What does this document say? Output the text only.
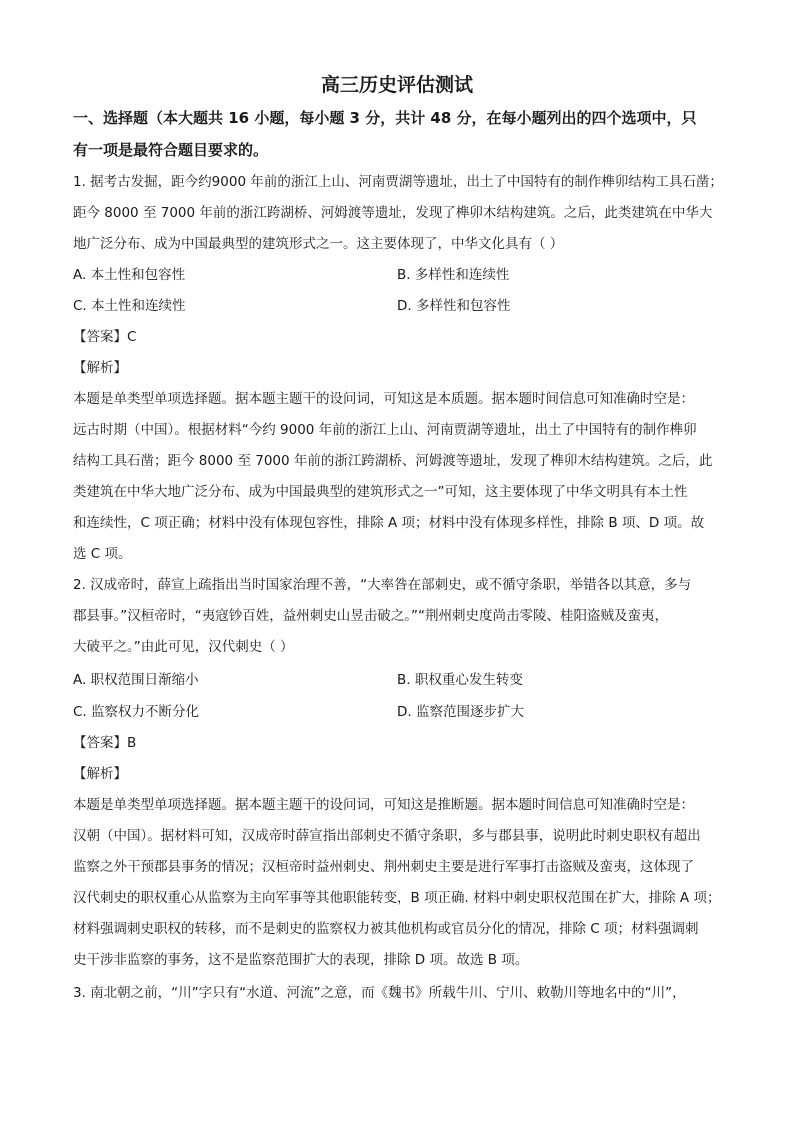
高三历史评估测试
一、选择题（本大题共 16 小题，每小题 3 分，共计 48 分，在每小题列出的四个选项中，只
有一项是最符合题目要求的。
1. 据考古发掘，距今约9000 年前的浙江上山、河南贾湖等遗址，出土了中国特有的制作榫卯结构工具石凿；
距今 8000 至 7000 年前的浙江跨湖桥、河姆渡等遗址，发现了榫卯木结构建筑。之后，此类建筑在中华大
地广泛分布、成为中国最典型的建筑形式之一。这主要体现了，中华文化具有（ ）
A. 本土性和包容性	B. 多样性和连续性
C. 本土性和连续性	D. 多样性和包容性
【答案】C
【解析】
本题是单类型单项选择题。据本题主题干的设问词，可知这是本质题。据本题时间信息可知准确时空是：
远古时期（中国）。根据材料“今约 9000 年前的浙江上山、河南贾湖等遗址，出土了中国特有的制作榫卯
结构工具石凿；距今 8000 至 7000 年前的浙江跨湖桥、河姆渡等遗址，发现了榫卯木结构建筑。之后，此
类建筑在中华大地广泛分布、成为中国最典型的建筑形式之一”可知，这主要体现了中华文明具有本土性
和连续性，C 项正确；材料中没有体现包容性，排除 A 项；材料中没有体现多样性，排除 B 项、D 项。故
选 C 项。
2. 汉成帝时，薛宣上疏指出当时国家治理不善，“大率咎在部刺史，或不循守条职，举错各以其意，多与
郡县事。”汉桓帝时，“夷寇钞百姓，益州刺史山昱击破之。”“荆州刺史度尚击零陵、桂阳盗贼及蛮夷，
大破平之。”由此可见，汉代刺史（ ）
A. 职权范围日渐缩小	B. 职权重心发生转变
C. 监察权力不断分化	D. 监察范围逐步扩大
【答案】B
【解析】
本题是单类型单项选择题。据本题主题干的设问词，可知这是推断题。据本题时间信息可知准确时空是：
汉朝（中国）。据材料可知，汉成帝时薛宣指出部刺史不循守条职，多与郡县事，说明此时刺史职权有超出
监察之外干预郡县事务的情况；汉桓帝时益州刺史、荆州刺史主要是进行军事打击盗贼及蛮夷，这体现了
汉代刺史的职权重心从监察为主向军事等其他职能转变，B 项正确. 材料中刺史职权范围在扩大，排除 A 项；
材料强调刺史职权的转移，而不是刺史的监察权力被其他机构或官员分化的情况，排除 C 项；材料强调刺
史干涉非监察的事务，这不是监察范围扩大的表现，排除 D 项。故选 B 项。
3. 南北朝之前，“川”字只有“水道、河流”之意，而《魏书》所载牛川、宁川、敕勒川等地名中的“川”，
